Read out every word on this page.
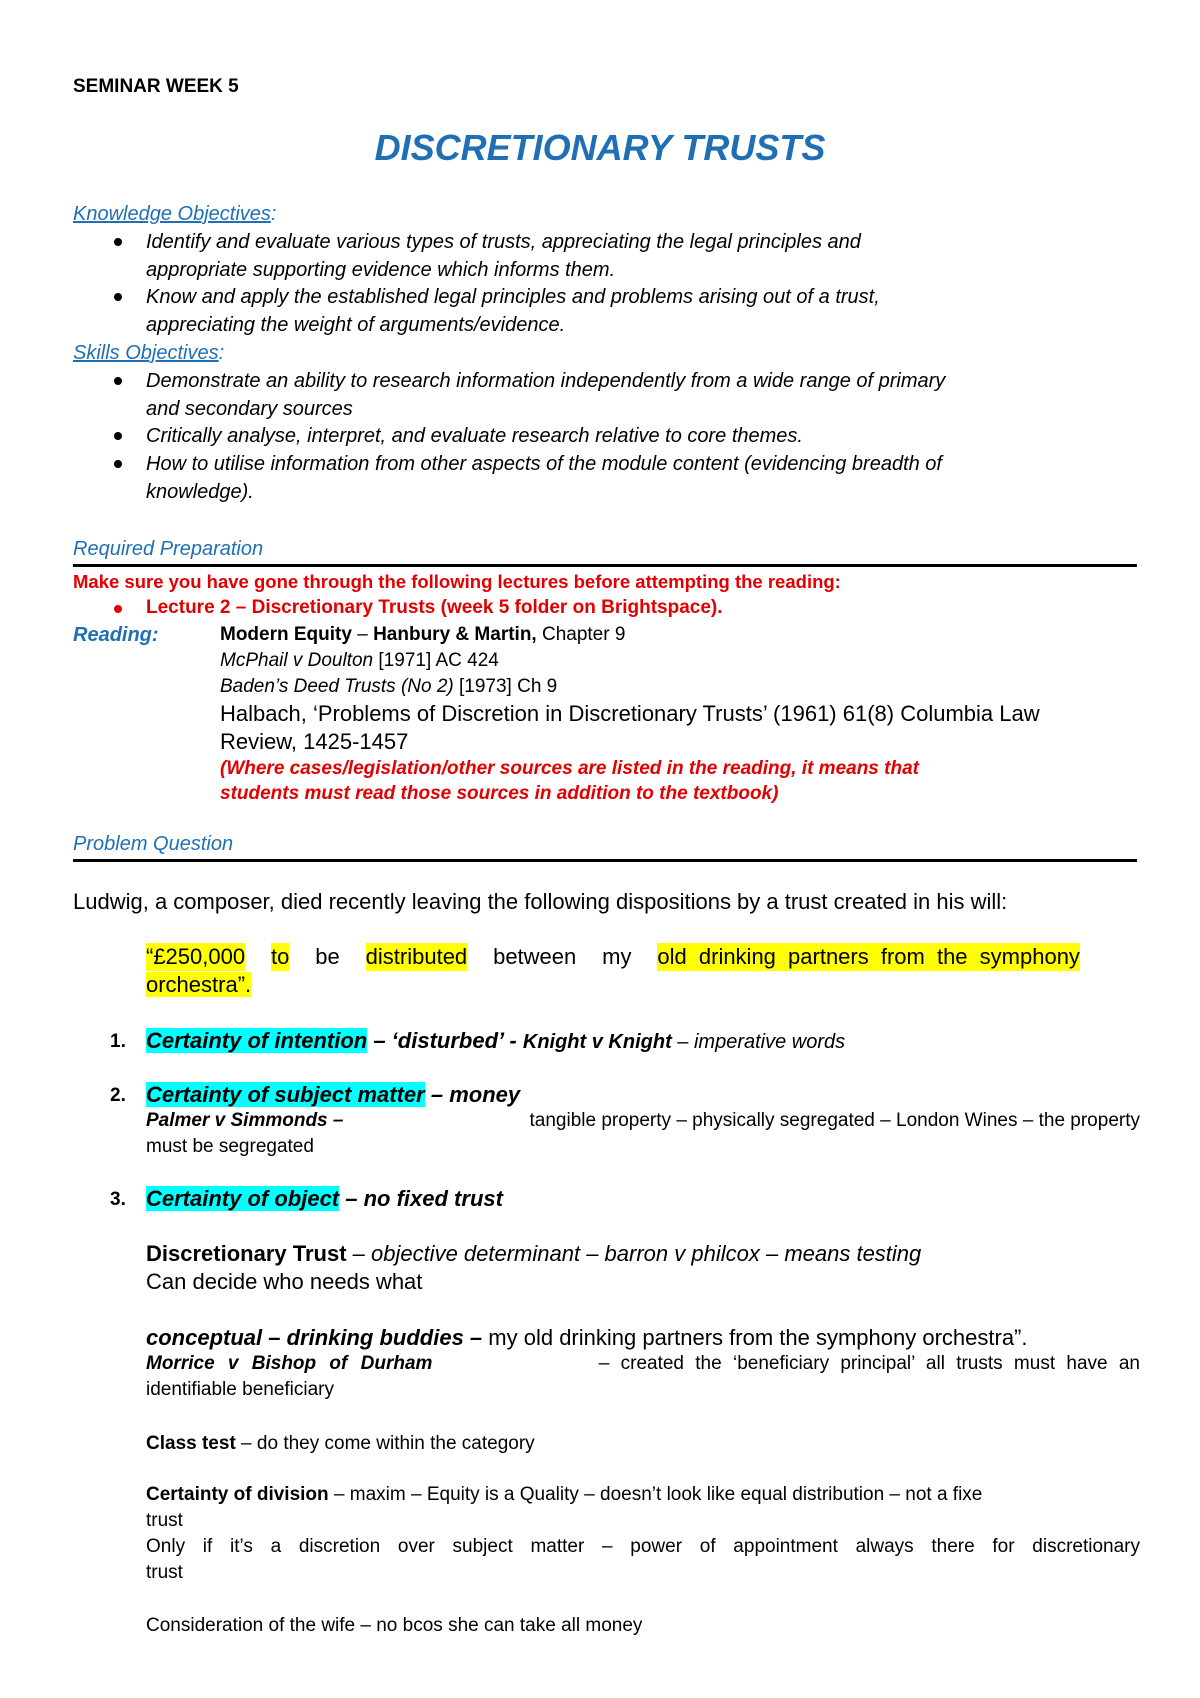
SEMINAR WEEK 5
DISCRETIONARY TRUSTS
Knowledge Objectives:
Identify and evaluate various types of trusts, appreciating the legal principles and
appropriate supporting evidence which informs them.
Know and apply the established legal principles and problems arising out of a trust,
appreciating the weight of arguments/evidence.
Skills Objectives:
Demonstrate an ability to research information independently from a wide range of primary
and secondary sources
Critically analyse, interpret, and evaluate research relative to core themes.
How to utilise information from other aspects of the module content (evidencing breadth of
knowledge).
Required Preparation
Make sure you have gone through the following lectures before attempting the reading:
Lecture 2 – Discretionary Trusts (week 5 folder on Brightspace).
Reading:	Modern Equity – Hanbury & Martin, Chapter 9
McPhail v Doulton [1971] AC 424
Baden’s Deed Trusts (No 2) [1973] Ch 9
Halbach, ‘Problems of Discretion in Discretionary Trusts’ (1961) 61(8) Columbia Law
Review, 1425-1457
(Where cases/legislation/other sources are listed in the reading, it means that
students must read those sources in addition to the textbook)
Problem Question
Ludwig, a composer, died recently leaving the following dispositions by a trust created in his will:
“£250,000 to be distributed between my old drinking partners from the symphony
orchestra”.
1. Certainty of intention – ‘disturbed’ - Knight v Knight – imperative words
2. Certainty of subject matter – money
Palmer v Simmonds –	tangible property – physically segregated – London Wines – the property
must be segregated
3. Certainty of object – no fixed trust
Discretionary Trust – objective determinant – barron v philcox – means testing
Can decide who needs what
conceptual – drinking buddies – my old drinking partners from the symphony orchestra”.
Morrice v Bishop of Durham	– created the ‘beneficiary principal’ all trusts must have an
identifiable beneficiary
Class test – do they come within the category
Certainty of division – maxim – Equity is a Quality – doesn’t look like equal distribution – not a fixe
trust
Only if it’s a discretion over subject matter – power of appointment always there for discretionary
trust
Consideration of the wife – no bcos she can take all money
